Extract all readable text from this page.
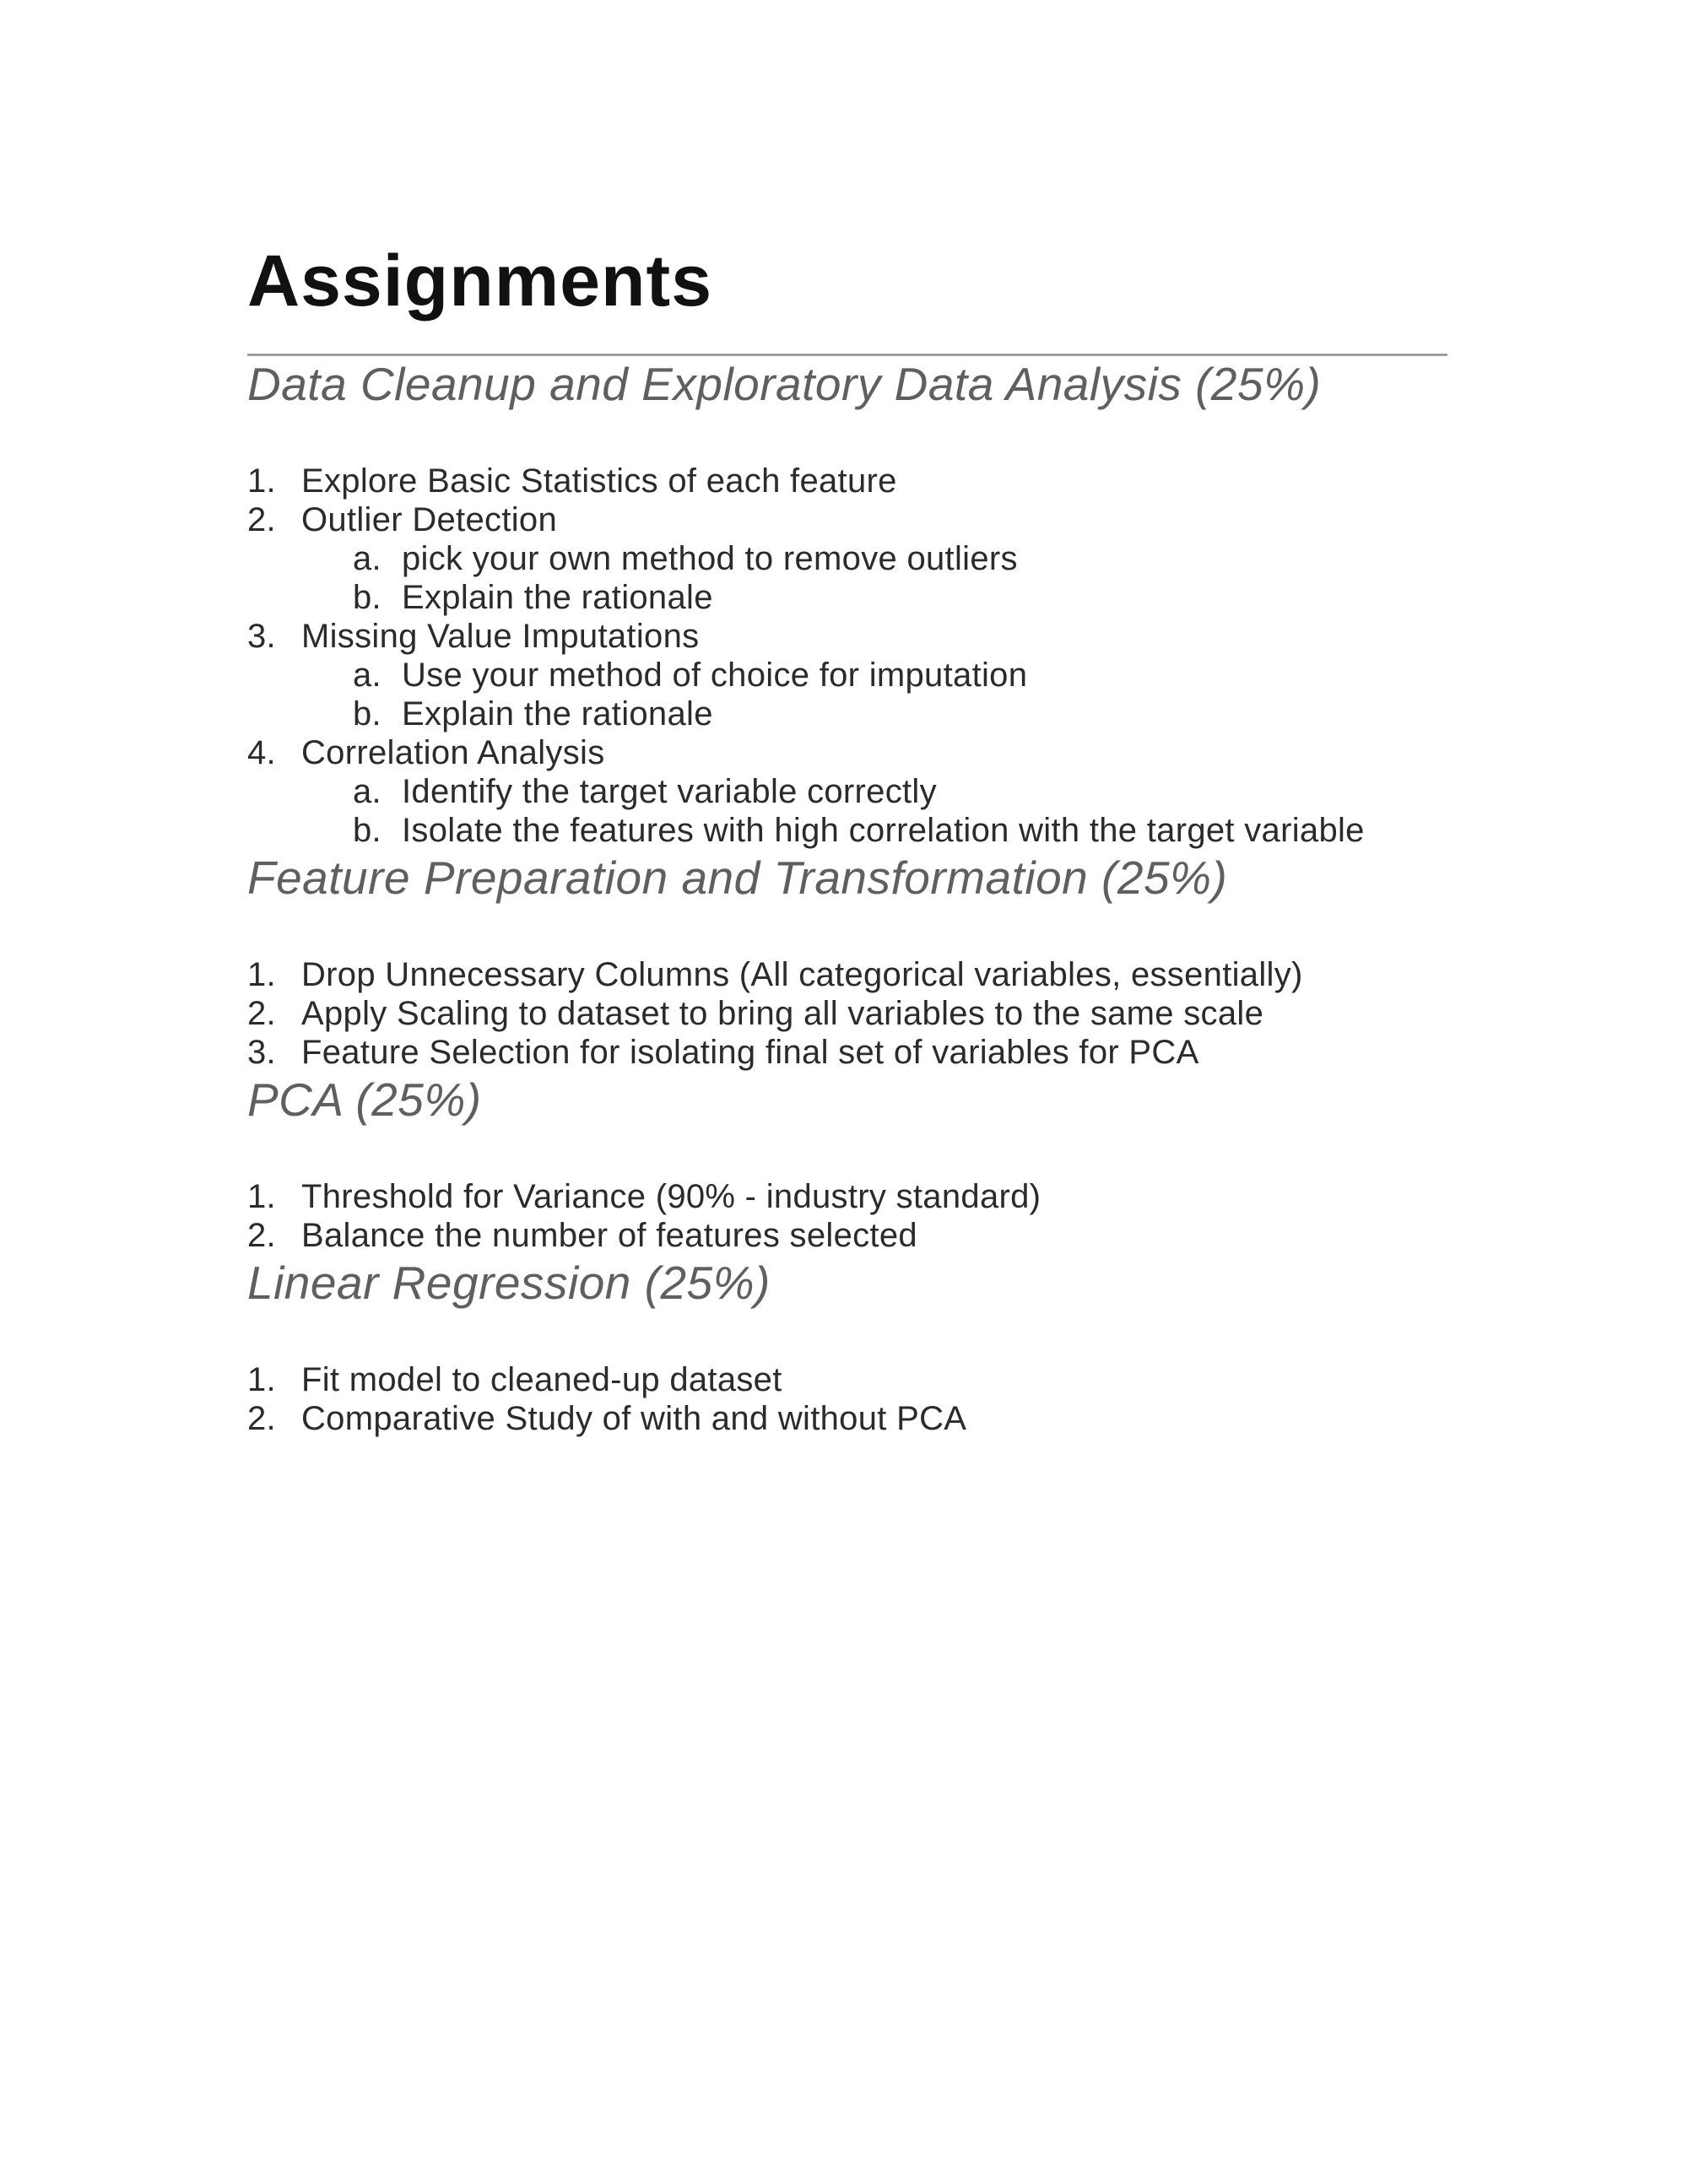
Assignments
Data Cleanup and Exploratory Data Analysis (25%)
1. Explore Basic Statistics of each feature
2. Outlier Detection
a. pick your own method to remove outliers
b. Explain the rationale
3. Missing Value Imputations
a. Use your method of choice for imputation
b. Explain the rationale
4. Correlation Analysis
a. Identify the target variable correctly
b. Isolate the features with high correlation with the target variable
Feature Preparation and Transformation (25%)
1. Drop Unnecessary Columns (All categorical variables, essentially)
2. Apply Scaling to dataset to bring all variables to the same scale
3. Feature Selection for isolating final set of variables for PCA
PCA (25%)
1. Threshold for Variance (90% - industry standard)
2. Balance the number of features selected
Linear Regression (25%)
1. Fit model to cleaned-up dataset
2. Comparative Study of with and without PCA
